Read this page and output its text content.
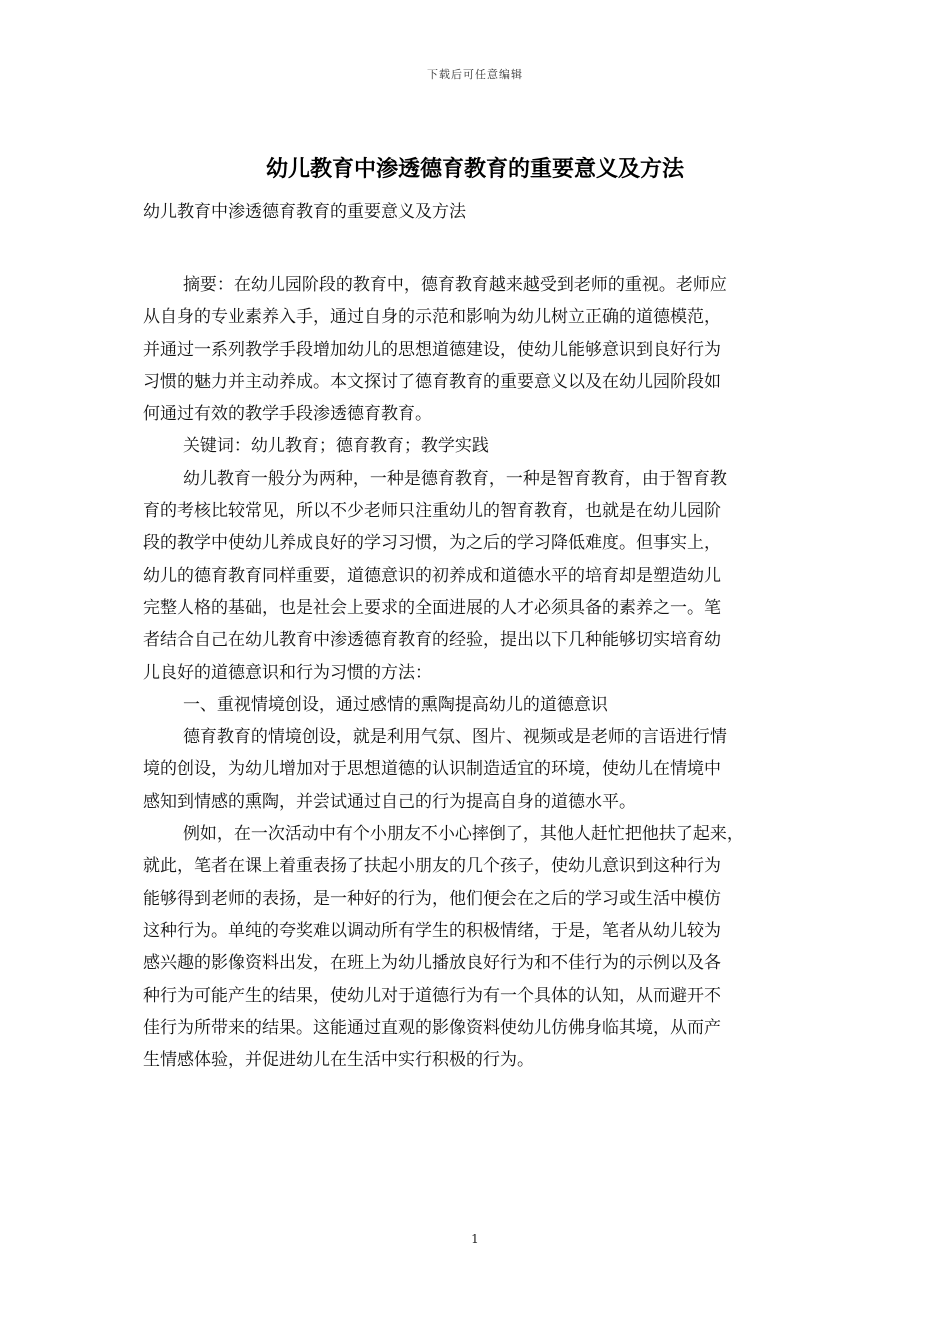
下载后可任意编辑
幼儿教育中渗透德育教育的重要意义及方法
幼儿教育中渗透德育教育的重要意义及方法

摘要：在幼儿园阶段的教育中，德育教育越来越受到老师的重视。老师应
从自身的专业素养入手，通过自身的示范和影响为幼儿树立正确的道德模范，
并通过一系列教学手段增加幼儿的思想道德建设，使幼儿能够意识到良好行为
习惯的魅力并主动养成。本文探讨了德育教育的重要意义以及在幼儿园阶段如
何通过有效的教学手段渗透德育教育。

关键词：幼儿教育；德育教育；教学实践

幼儿教育一般分为两种，一种是德育教育，一种是智育教育，由于智育教
育的考核比较常见，所以不少老师只注重幼儿的智育教育，也就是在幼儿园阶
段的教学中使幼儿养成良好的学习习惯，为之后的学习降低难度。但事实上，
幼儿的德育教育同样重要，道德意识的初养成和道德水平的培育却是塑造幼儿
完整人格的基础，也是社会上要求的全面进展的人才必须具备的素养之一。笔
者结合自己在幼儿教育中渗透德育教育的经验，提出以下几种能够切实培育幼
儿良好的道德意识和行为习惯的方法：

一、重视情境创设，通过感情的熏陶提高幼儿的道德意识

德育教育的情境创设，就是利用气氛、图片、视频或是老师的言语进行情
境的创设，为幼儿增加对于思想道德的认识制造适宜的环境，使幼儿在情境中
感知到情感的熏陶，并尝试通过自己的行为提高自身的道德水平。

例如，在一次活动中有个小朋友不小心摔倒了，其他人赶忙把他扶了起来，
就此，笔者在课上着重表扬了扶起小朋友的几个孩子，使幼儿意识到这种行为
能够得到老师的表扬，是一种好的行为，他们便会在之后的学习或生活中模仿
这种行为。单纯的夸奖难以调动所有学生的积极情绪，于是，笔者从幼儿较为
感兴趣的影像资料出发，在班上为幼儿播放良好行为和不佳行为的示例以及各
种行为可能产生的结果，使幼儿对于道德行为有一个具体的认知，从而避开不
佳行为所带来的结果。这能通过直观的影像资料使幼儿仿佛身临其境，从而产
生情感体验，并促进幼儿在生活中实行积极的行为。

1
